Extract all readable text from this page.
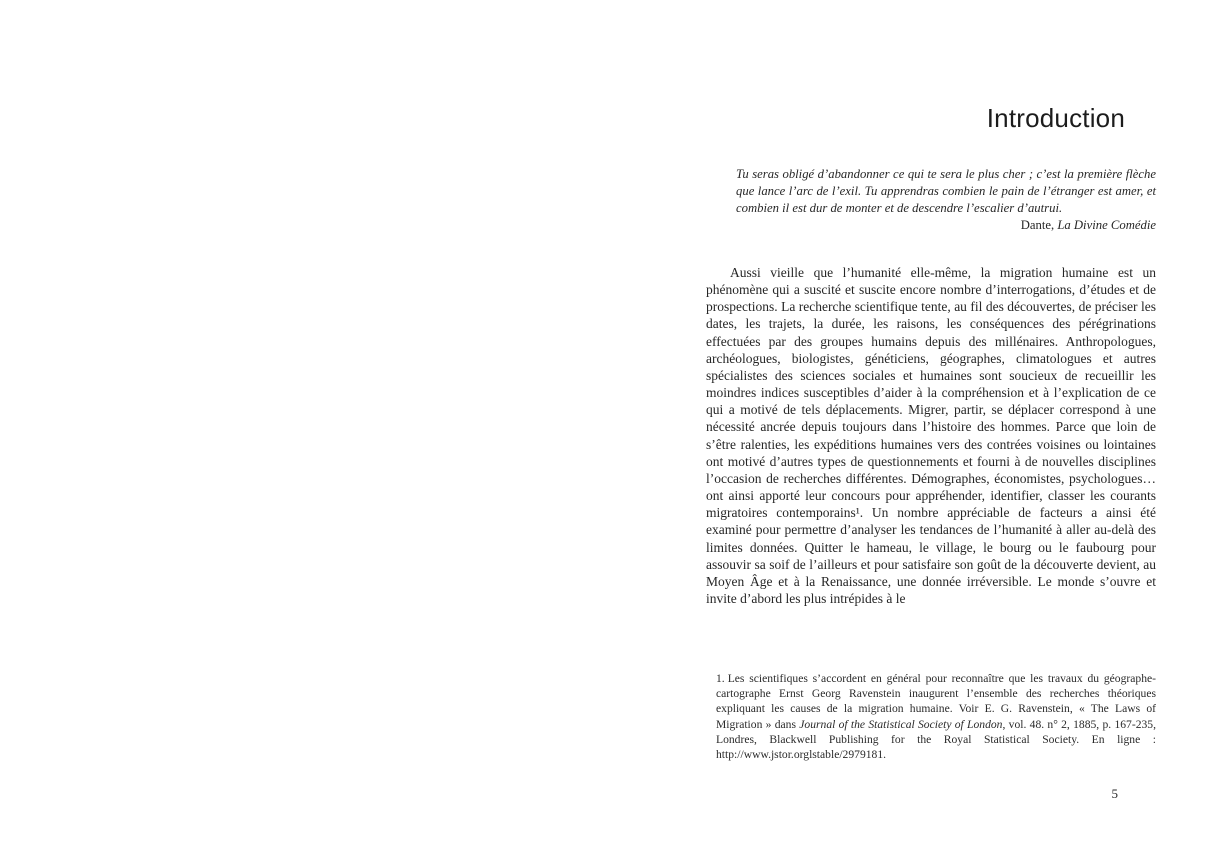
Introduction

Tu seras obligé d’abandonner ce qui te sera le plus cher ; c’est la première flèche que lance l’arc de l’exil. Tu apprendras combien le pain de l’étranger est amer, et combien il est dur de monter et de descendre l’escalier d’autrui.

Dante, La Divine Comédie

Aussi vieille que l’humanité elle-même, la migration humaine est un phénomène qui a suscité et suscite encore nombre d’interrogations, d’études et de prospections. La recherche scientifique tente, au fil des découvertes, de préciser les dates, les trajets, la durée, les raisons, les conséquences des pérégrinations effectuées par des groupes humains depuis des millénaires. Anthropologues, archéologues, biologistes, généticiens, géographes, climatologues et autres spécialistes des sciences sociales et humaines sont soucieux de recueillir les moindres indices susceptibles d’aider à la compréhension et à l’explication de ce qui a motivé de tels déplacements. Migrer, partir, se déplacer correspond à une nécessité ancrée depuis toujours dans l’histoire des hommes. Parce que loin de s’être ralenties, les expéditions humaines vers des contrées voisines ou lointaines ont motivé d’autres types de questionnements et fourni à de nouvelles disciplines l’occasion de recherches différentes. Démographes, économistes, psychologues… ont ainsi apporté leur concours pour appréhender, identifier, classer les courants migratoires contemporains¹. Un nombre appréciable de facteurs a ainsi été examiné pour permettre d’analyser les tendances de l’humanité à aller au-delà des limites données. Quitter le hameau, le village, le bourg ou le faubourg pour assouvir sa soif de l’ailleurs et pour satisfaire son goût de la découverte devient, au Moyen Âge et à la Renaissance, une donnée irréversible. Le monde s’ouvre et invite d’abord les plus intrépides à le

1. Les scientifiques s’accordent en général pour reconnaître que les travaux du géographe-cartographe Ernst Georg Ravenstein inaugurent l’ensemble des recherches théoriques expliquant les causes de la migration humaine. Voir E. G. Ravenstein, « The Laws of Migration » dans Journal of the Statistical Society of London, vol. 48. n° 2, 1885, p. 167-235, Londres, Blackwell Publishing for the Royal Statistical Society. En ligne : http://www.jstor.orglstable/2979181.
5
